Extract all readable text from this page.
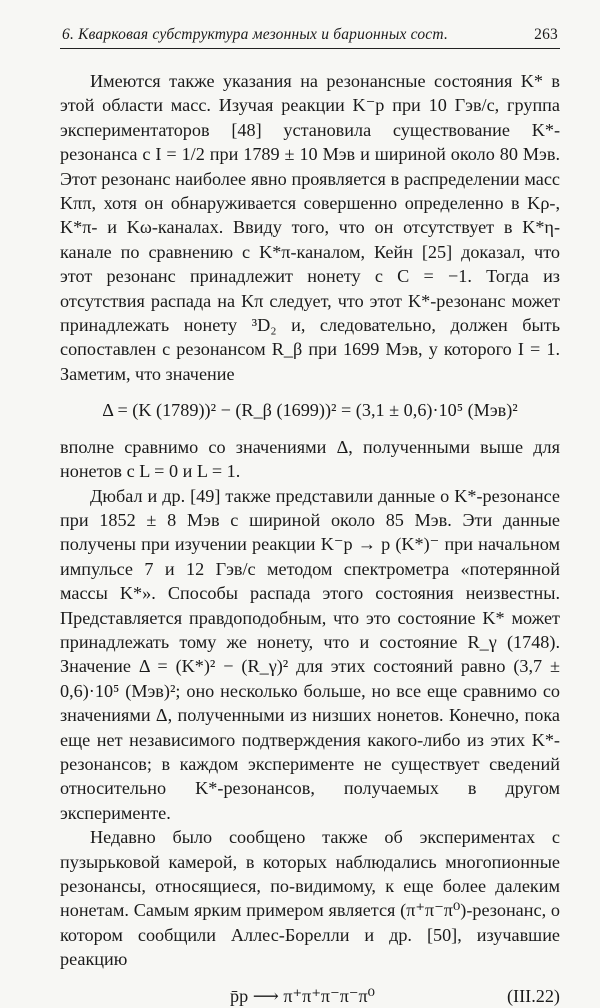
6. Кварковая субструктура мезонных и барионных сост.	263

Имеются также указания на резонансные состояния K* в этой области масс. Изучая реакции K⁻p при 10 Гэв/c, группа экспериментаторов [48] установила существование K*-резонанса с I = 1/2 при 1789 ± 10 Мэв и шириной около 80 Мэв. Этот резонанс наиболее явно проявляется в распределении масс Kππ, хотя он обнаруживается совершенно определенно в Kρ-, K*π- и Kω-каналах. Ввиду того, что он отсутствует в K*η-канале по сравнению с K*π-каналом, Кейн [25] доказал, что этот резонанс принадлежит нонету с C = −1. Тогда из отсутствия распада на Kπ следует, что этот K*-резонанс может принадлежать нонету ³D₂ и, следовательно, должен быть сопоставлен с резонансом R_β при 1699 Мэв, у которого I = 1. Заметим, что значение

Δ = (K (1789))² − (R_β (1699))² = (3,1 ± 0,6)·10⁵ (Мэв)²

вполне сравнимо со значениями Δ, полученными выше для нонетов с L = 0 и L = 1.

Дюбал и др. [49] также представили данные о K*-резонансе при 1852 ± 8 Мэв с шириной около 85 Мэв. Эти данные получены при изучении реакции K⁻p → p (K*)⁻ при начальном импульсе 7 и 12 Гэв/c методом спектрометра «потерянной массы K*». Способы распада этого состояния неизвестны. Представляется правдоподобным, что это состояние K* может принадлежать тому же нонету, что и состояние R_γ (1748). Значение Δ = (K*)² − (R_γ)² для этих состояний равно (3,7 ± 0,6)·10⁵ (Мэв)²; оно несколько больше, но все еще сравнимо со значениями Δ, полученными из низших нонетов. Конечно, пока еще нет независимого подтверждения какого-либо из этих K*-резонансов; в каждом эксперименте не существует сведений относительно K*-резонансов, получаемых в другом эксперименте.

Недавно было сообщено также об экспериментах с пузырьковой камерой, в которых наблюдались многопионные резонансы, относящиеся, по-видимому, к еще более далеким нонетам. Самым ярким примером является (π⁺π⁻π⁰)-резонанс, о котором сообщили Аллес-Борелли и др. [50], изучавшие реакцию

p̄p ⟶ π⁺π⁺π⁻π⁻π⁰	(III.22)
